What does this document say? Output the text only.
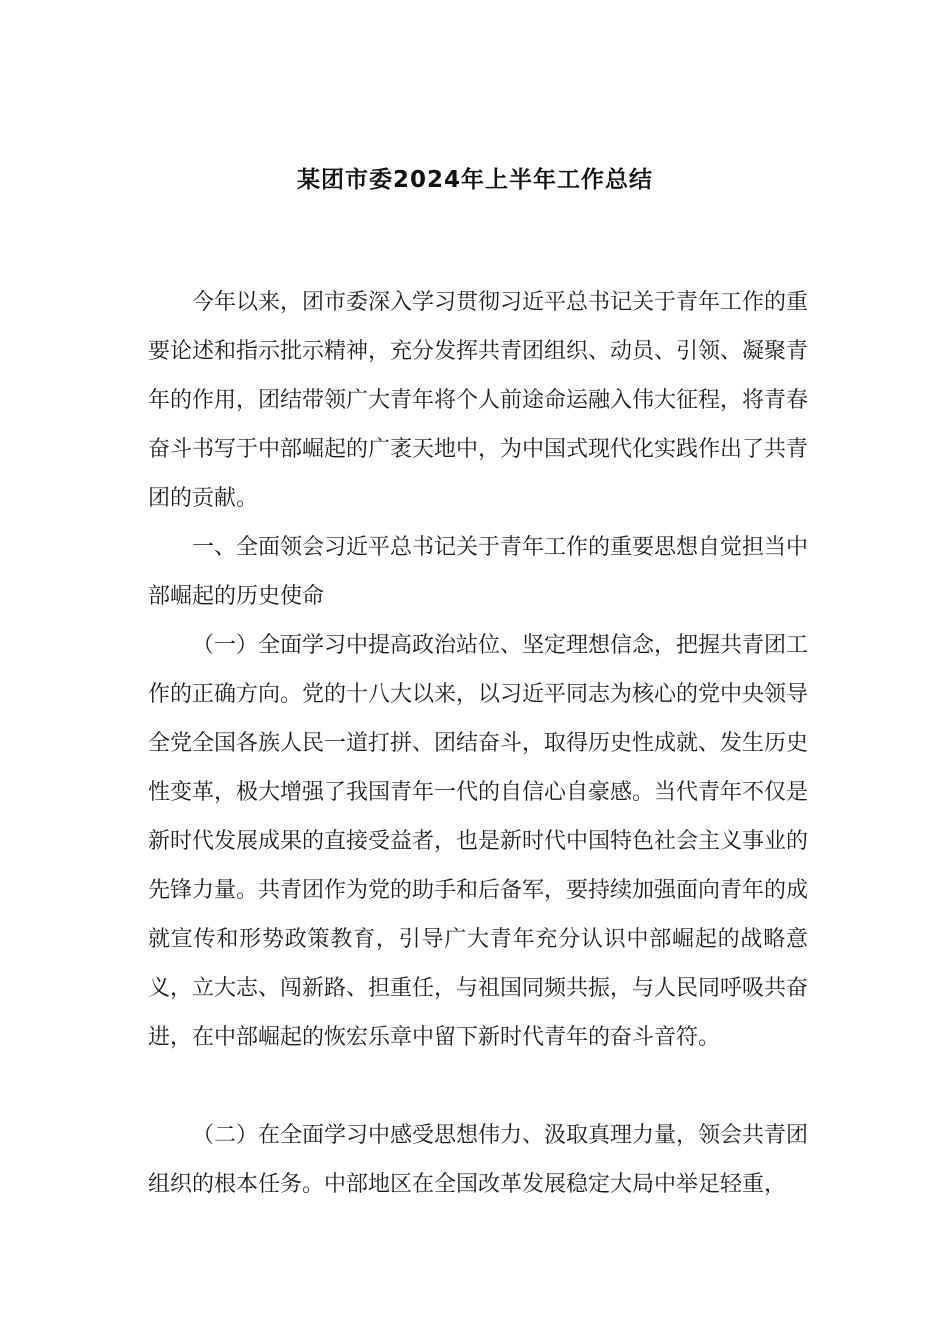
某团市委2024年上半年工作总结

今年以来，团市委深入学习贯彻习近平总书记关于青年工作的重要论述和指示批示精神，充分发挥共青团组织、动员、引领、凝聚青年的作用，团结带领广大青年将个人前途命运融入伟大征程，将青春奋斗书写于中部崛起的广袤天地中，为中国式现代化实践作出了共青团的贡献。

一、全面领会习近平总书记关于青年工作的重要思想自觉担当中部崛起的历史使命

（一）全面学习中提高政治站位、坚定理想信念，把握共青团工作的正确方向。党的十八大以来，以习近平同志为核心的党中央领导全党全国各族人民一道打拼、团结奋斗，取得历史性成就、发生历史性变革，极大增强了我国青年一代的自信心自豪感。当代青年不仅是新时代发展成果的直接受益者，也是新时代中国特色社会主义事业的先锋力量。共青团作为党的助手和后备军，要持续加强面向青年的成就宣传和形势政策教育，引导广大青年充分认识中部崛起的战略意义，立大志、闯新路、担重任，与祖国同频共振，与人民同呼吸共奋进，在中部崛起的恢宏乐章中留下新时代青年的奋斗音符。

（二）在全面学习中感受思想伟力、汲取真理力量，领会共青团组织的根本任务。中部地区在全国改革发展稳定大局中举足轻重，
